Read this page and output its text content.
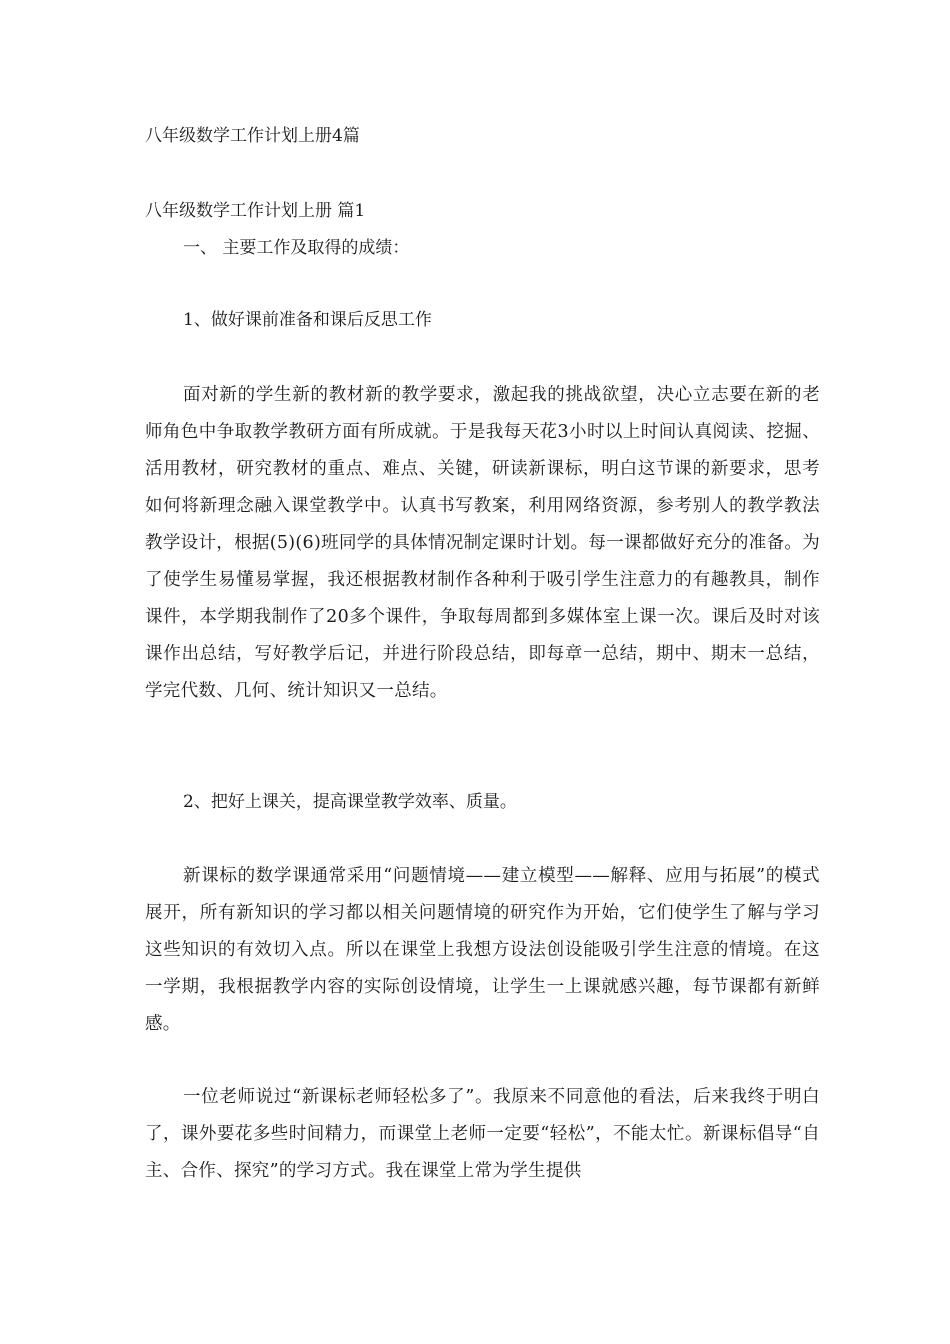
八年级数学工作计划上册4篇
八年级数学工作计划上册 篇1
一、 主要工作及取得的成绩：
1、做好课前准备和课后反思工作

面对新的学生新的教材新的教学要求，激起我的挑战欲望，决心立志要在新的老师角色中争取教学教研方面有所成就。于是我每天花3小时以上时间认真阅读、挖掘、活用教材，研究教材的重点、难点、关键，研读新课标，明白这节课的新要求，思考如何将新理念融入课堂教学中。认真书写教案，利用网络资源，参考别人的教学教法教学设计，根据(5)(6)班同学的具体情况制定课时计划。每一课都做好充分的准备。为了使学生易懂易掌握，我还根据教材制作各种利于吸引学生注意力的有趣教具，制作课件，本学期我制作了20多个课件，争取每周都到多媒体室上课一次。课后及时对该课作出总结，写好教学后记，并进行阶段总结，即每章一总结，期中、期末一总结，学完代数、几何、统计知识又一总结。

2、把好上课关，提高课堂教学效率、质量。

新课标的数学课通常采用“问题情境——建立模型——解释、应用与拓展”的模式展开，所有新知识的学习都以相关问题情境的研究作为开始，它们使学生了解与学习这些知识的有效切入点。所以在课堂上我想方设法创设能吸引学生注意的情境。在这一学期，我根据教学内容的实际创设情境，让学生一上课就感兴趣，每节课都有新鲜感。

一位老师说过“新课标老师轻松多了”。我原来不同意他的看法，后来我终于明白了，课外要花多些时间精力，而课堂上老师一定要“轻松”，不能太忙。新课标倡导“自主、合作、探究”的学习方式。我在课堂上常为学生提供
